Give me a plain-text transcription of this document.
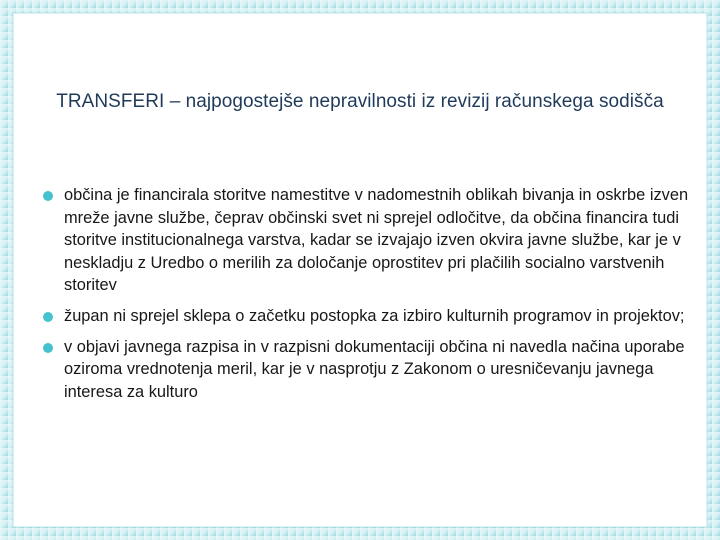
TRANSFERI – najpogostejše nepravilnosti iz revizij računskega sodišča
občina je financirala storitve namestitve v nadomestnih oblikah bivanja in oskrbe izven mreže javne službe, čeprav občinski svet ni sprejel odločitve, da občina financira tudi storitve institucionalnega varstva, kadar se izvajajo izven okvira javne službe, kar je v neskladju z Uredbo o merilih za določanje oprostitev pri plačilih socialno varstvenih storitev
župan ni sprejel sklepa o začetku postopka za izbiro kulturnih programov in projektov;
v objavi javnega razpisa in v razpisni dokumentaciji občina ni navedla načina uporabe oziroma vrednotenja meril, kar je v nasprotju z Zakonom o uresničevanju javnega interesa za kulturo
